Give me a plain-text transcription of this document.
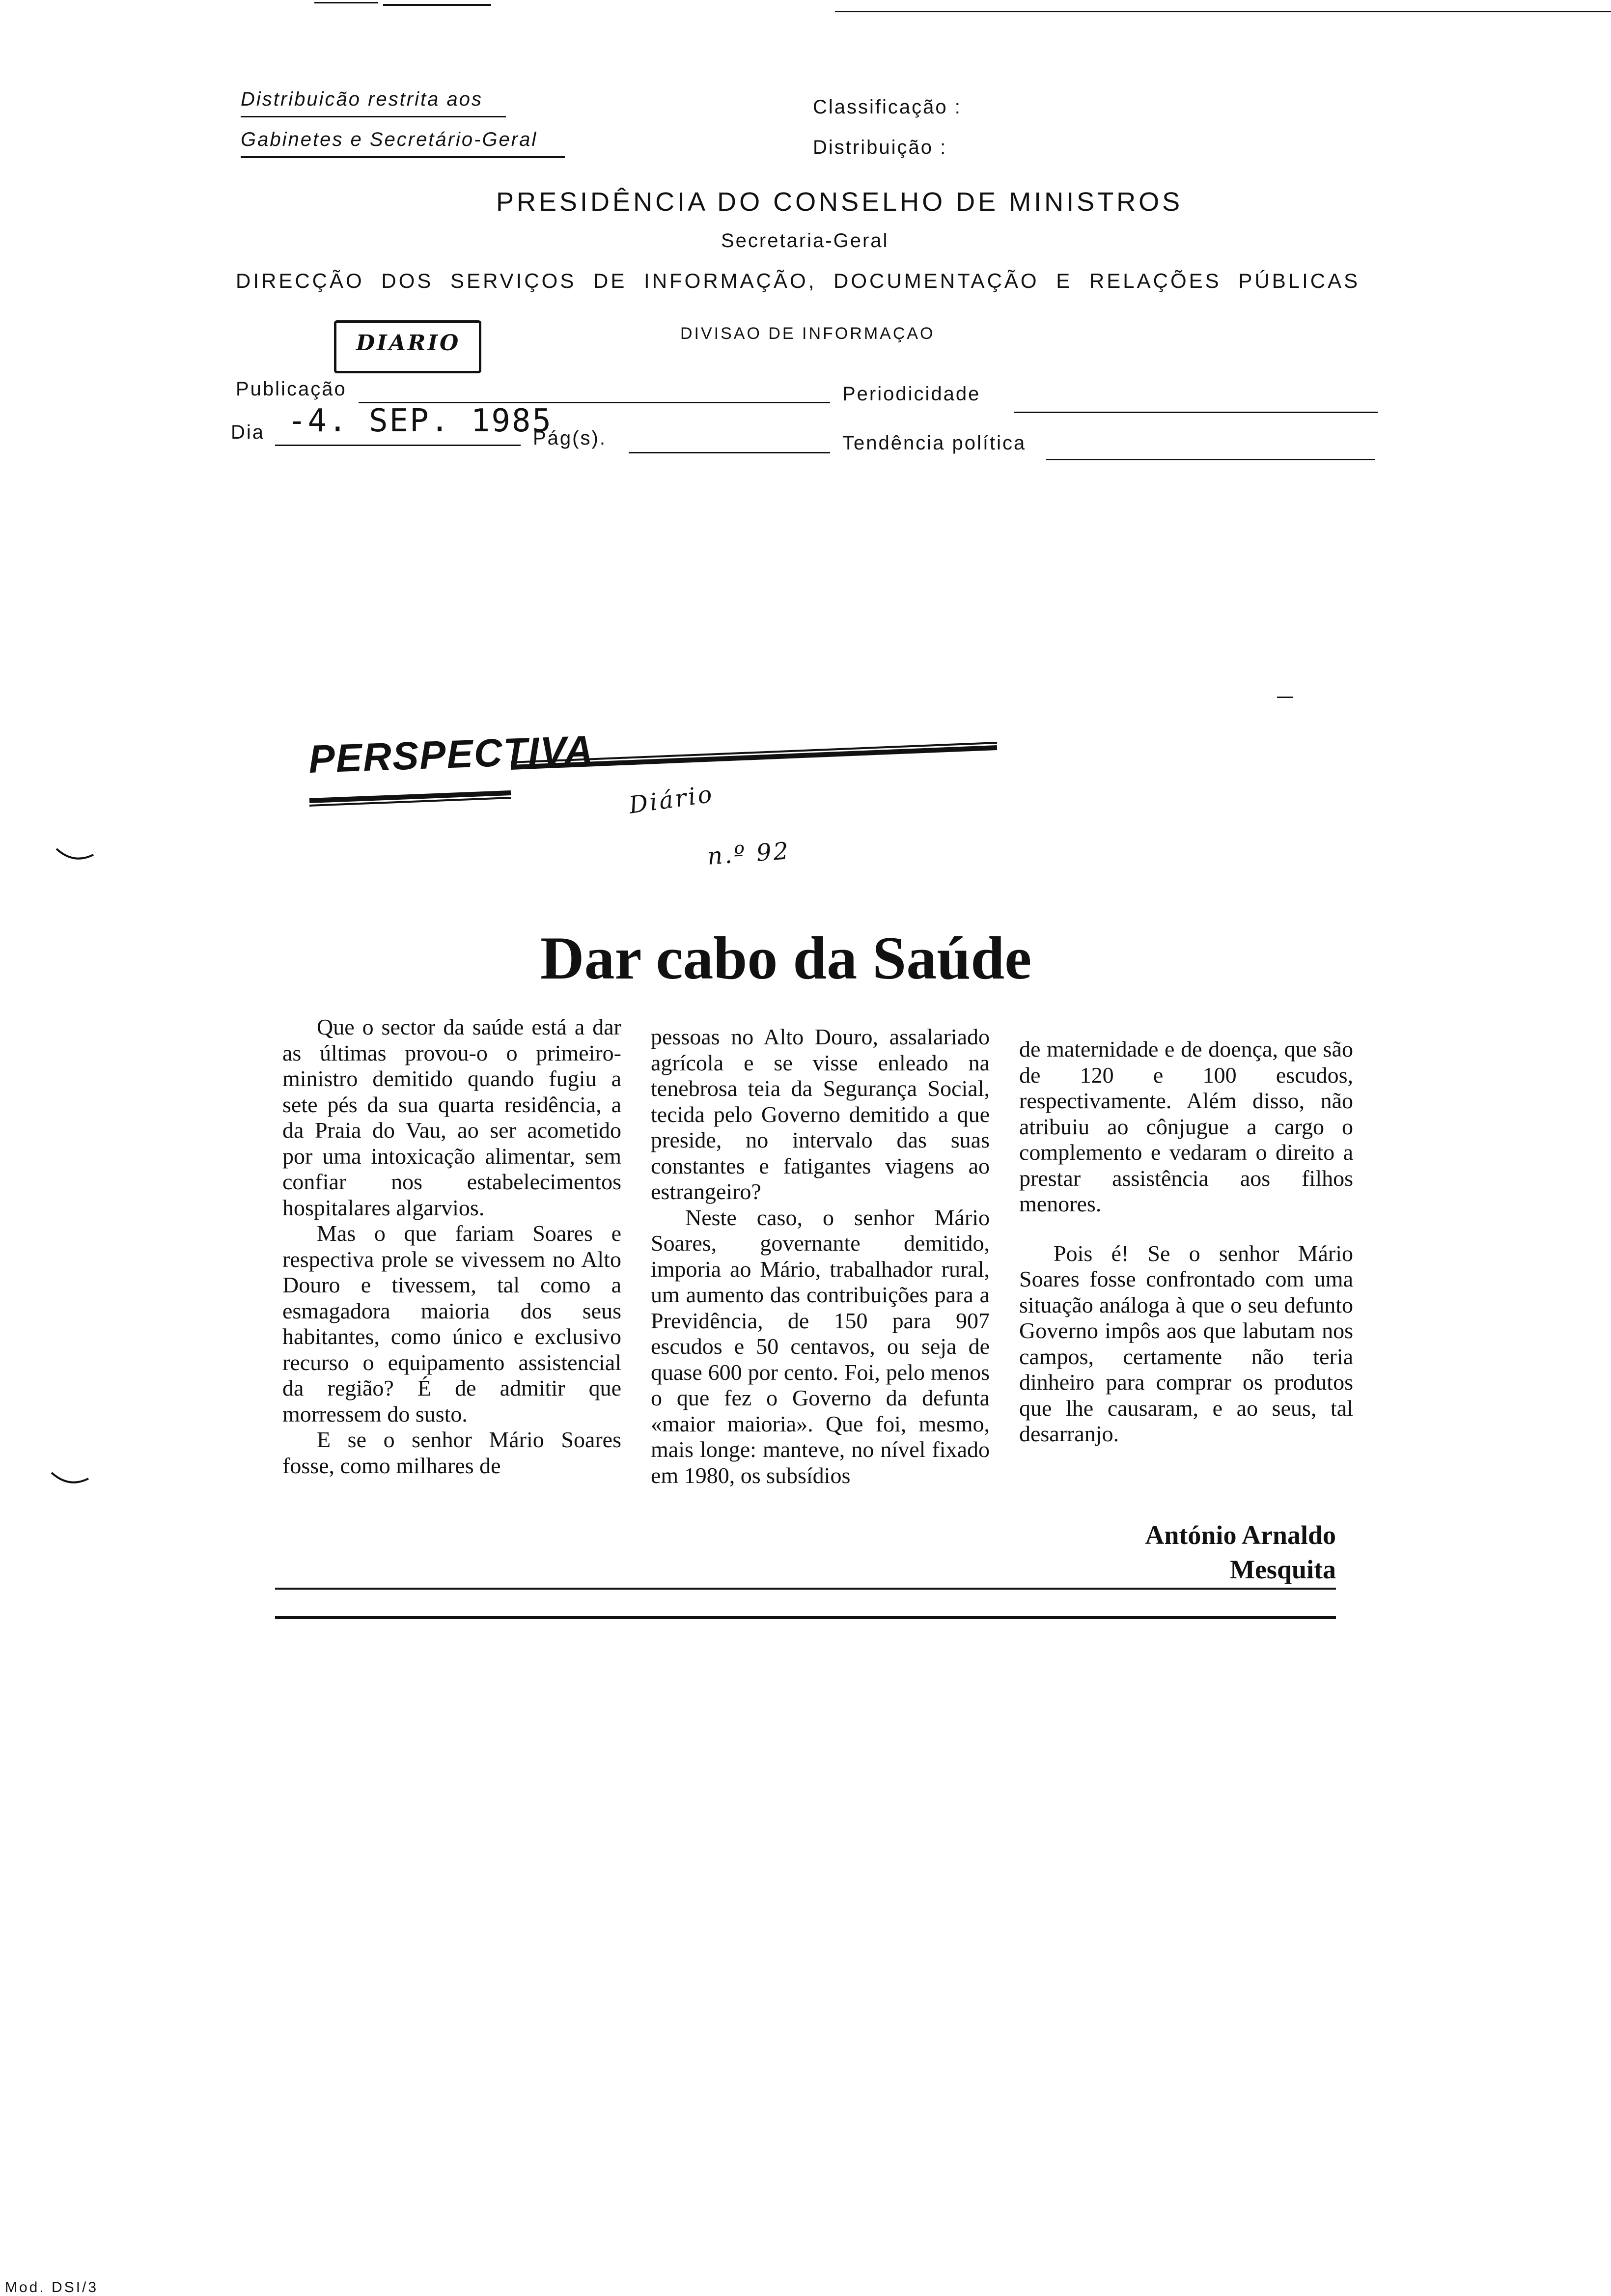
Distribuicão restrita aos
Gabinetes e Secretário-Geral
Classificação :
Distribuição :
PRESIDÊNCIA DO CONSELHO DE MINISTROS
Secretaria-Geral
DIRECÇÃO DOS SERVIÇOS DE INFORMAÇÃO, DOCUMENTAÇÃO E RELAÇÕES PÚBLICAS
DIVISAO DE INFORMAÇAO
DIARIO
Publicação	Periodicidade
Dia -4. SEP. 1985
Pág(s).	Tendência política
PERSPECTIVA
Diário
n.º 92
Dar cabo da Saúde

Que o sector da saúde está a dar as últimas provou-o o primeiro-ministro demitido quando fugiu a sete pés da sua quarta residência, a da Praia do Vau, ao ser acometido por uma intoxicação alimentar, sem confiar nos estabelecimentos hospitalares algarvios.

Mas o que fariam Soares e respectiva prole se vivessem no Alto Douro e tivessem, tal como a esmagadora maioria dos seus habitantes, como único e exclusivo recurso o equipamento assistencial da região? É de admitir que morressem do susto.

E se o senhor Mário Soares fosse, como milhares de

pessoas no Alto Douro, assalariado agrícola e se visse enleado na tenebrosa teia da Segurança Social, tecida pelo Governo demitido a que preside, no intervalo das suas constantes e fatigantes viagens ao estrangeiro?

Neste caso, o senhor Mário Soares, governante demitido, imporia ao Mário, trabalhador rural, um aumento das contribuições para a Previdência, de 150 para 907 escudos e 50 centavos, ou seja de quase 600 por cento. Foi, pelo menos o que fez o Governo da defunta «maior maioria». Que foi, mesmo, mais longe: manteve, no nível fixado em 1980, os subsídios

de maternidade e de doença, que são de 120 e 100 escudos, respectivamente. Além disso, não atribuiu ao cônjugue a cargo o complemento e vedaram o direito a prestar assistência aos filhos menores.

Pois é! Se o senhor Mário Soares fosse confrontado com uma situação análoga à que o seu defunto Governo impôs aos que labutam nos campos, certamente não teria dinheiro para comprar os produtos que lhe causaram, e ao seus, tal desarranjo.

António Arnaldo
Mesquita
Mod. DSI/3
